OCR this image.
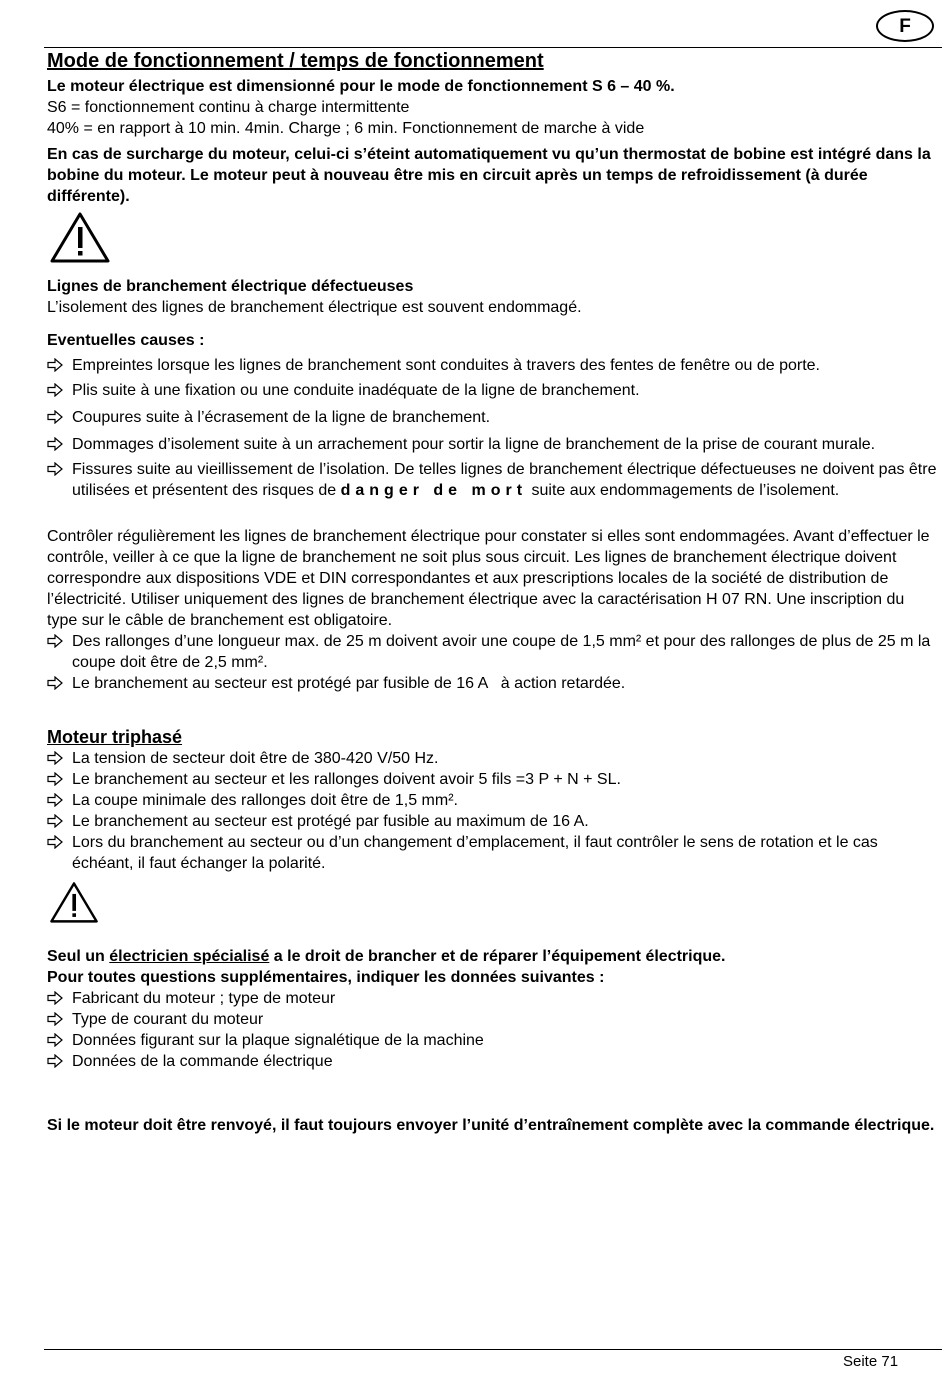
F
Mode de fonctionnement / temps de fonctionnement

Le moteur électrique est dimensionné pour le mode de fonctionnement S 6 – 40 %.

S6 = fonctionnement continu à charge intermittente

40% = en rapport à 10 min. 4min. Charge ; 6 min. Fonctionnement de marche à vide

En cas de surcharge du moteur, celui-ci s’éteint automatiquement vu qu’un thermostat de bobine est intégré dans la bobine du moteur. Le moteur peut à nouveau être mis en circuit après un temps de refroidissement (à durée différente).

Lignes de branchement électrique défectueuses

L’isolement des lignes de branchement électrique est souvent endommagé.

Eventuelles causes :

Empreintes lorsque les lignes de branchement sont conduites à travers des fentes de fenêtre ou de porte.
Plis suite à une fixation ou une conduite inadéquate de la ligne de branchement.
Coupures suite à l’écrasement de la ligne de branchement.
Dommages d’isolement suite à un arrachement pour sortir la ligne de branchement de la prise de courant murale.
Fissures suite au vieillissement de l’isolation. De telles lignes de branchement électrique défectueuses ne doivent pas être utilisées et présentent des risques de danger de mort suite aux endommagements de l’isolement.

Contrôler régulièrement les lignes de branchement électrique pour constater si elles sont endommagées. Avant d’effectuer le contrôle, veiller à ce que la ligne de branchement ne soit plus sous circuit. Les lignes de branchement électrique doivent correspondre aux dispositions VDE et DIN correspondantes et aux prescriptions locales de la société de distribution de l’électricité. Utiliser uniquement des lignes de branchement électrique avec la caractérisation H 07 RN. Une inscription du type sur le câble de branchement est obligatoire.

Des rallonges d’une longueur max. de 25 m doivent avoir une coupe de 1,5 mm² et pour des rallonges de plus de 25 m la coupe doit être de 2,5 mm².
Le branchement au secteur est protégé par fusible de 16 A   à action retardée.
Moteur triphasé
La tension de secteur doit être de 380-420 V/50 Hz.
Le branchement au secteur et les rallonges doivent avoir 5 fils =3 P + N + SL.
La coupe minimale des rallonges doit être de 1,5 mm².
Le branchement au secteur est protégé par fusible au maximum de 16 A.
Lors du branchement au secteur ou d’un changement d’emplacement, il faut contrôler le sens de rotation et le cas échéant, il faut échanger la polarité.

Seul un électricien spécialisé a le droit de brancher et de réparer l’équipement électrique.

Pour toutes questions supplémentaires, indiquer les données suivantes :

Fabricant du moteur ; type de moteur
Type de courant du moteur
Données figurant sur la plaque signalétique de la machine
Données de la commande électrique

Si le moteur doit être renvoyé, il faut toujours envoyer l’unité d’entraînement complète avec la commande électrique.

Seite 71
